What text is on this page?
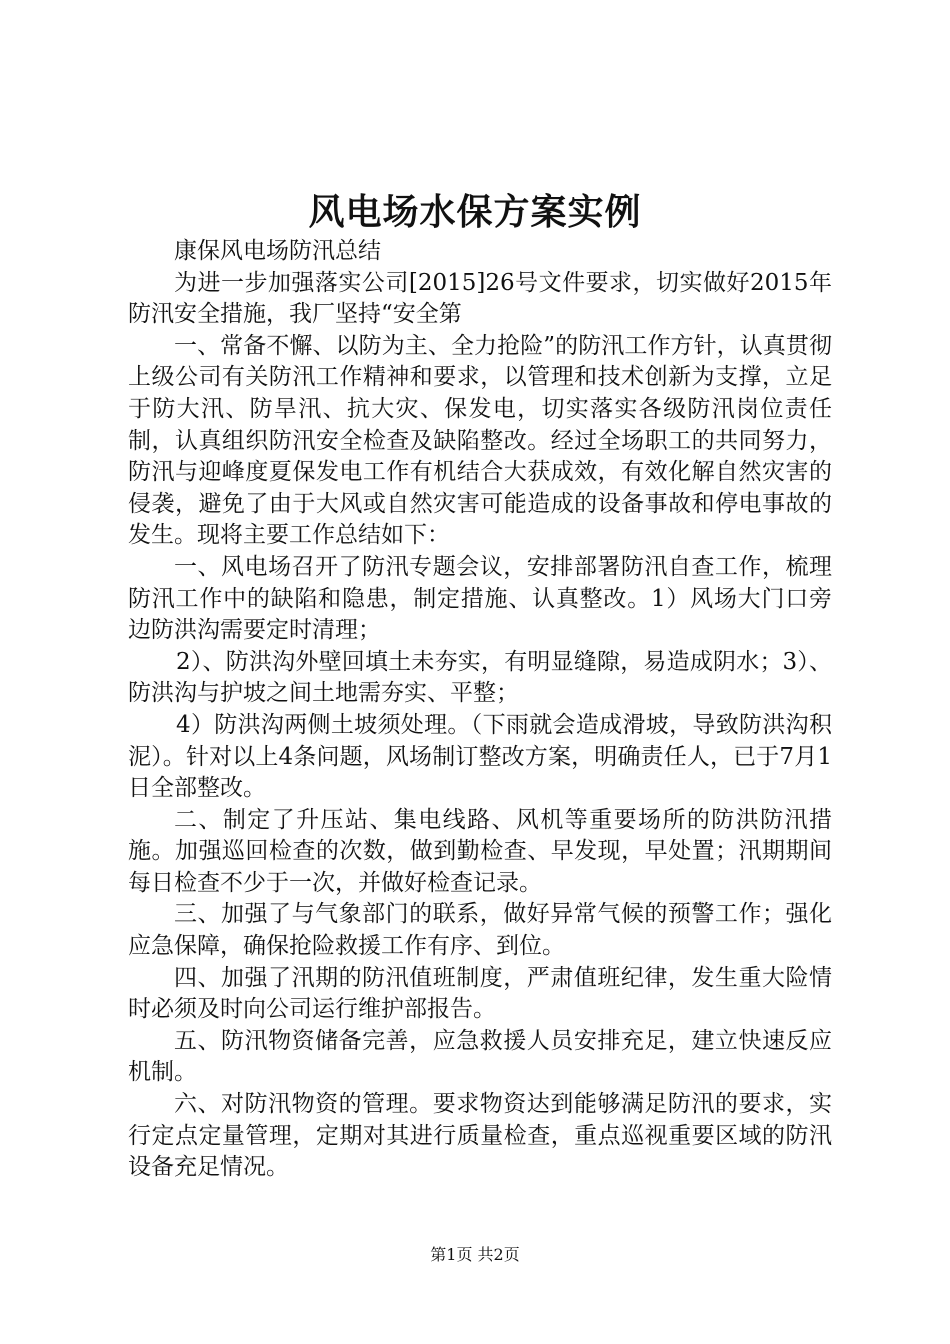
风电场水保方案实例

康保风电场防汛总结

为进一步加强落实公司[2015]26号文件要求，切实做好2015年防汛安全措施，我厂坚持“安全第

一、常备不懈、以防为主、全力抢险”的防汛工作方针，认真贯彻上级公司有关防汛工作精神和要求，以管理和技术创新为支撑，立足于防大汛、防旱汛、抗大灾、保发电，切实落实各级防汛岗位责任制，认真组织防汛安全检查及缺陷整改。经过全场职工的共同努力，防汛与迎峰度夏保发电工作有机结合大获成效，有效化解自然灾害的侵袭，避免了由于大风或自然灾害可能造成的设备事故和停电事故的发生。现将主要工作总结如下：

一、风电场召开了防汛专题会议，安排部署防汛自查工作，梳理防汛工作中的缺陷和隐患，制定措施、认真整改。1）风场大门口旁边防洪沟需要定时清理；

2）、防洪沟外壁回填土未夯实，有明显缝隙，易造成阴水；3）、防洪沟与护坡之间土地需夯实、平整；

4）防洪沟两侧土坡须处理。（下雨就会造成滑坡，导致防洪沟积泥）。针对以上4条问题，风场制订整改方案，明确责任人，已于7月1日全部整改。

二、制定了升压站、集电线路、风机等重要场所的防洪防汛措施。加强巡回检查的次数，做到勤检查、早发现，早处置；汛期期间每日检查不少于一次，并做好检查记录。

三、加强了与气象部门的联系，做好异常气候的预警工作；强化应急保障，确保抢险救援工作有序、到位。

四、加强了汛期的防汛值班制度，严肃值班纪律，发生重大险情时必须及时向公司运行维护部报告。

五、防汛物资储备完善，应急救援人员安排充足，建立快速反应机制。

六、对防汛物资的管理。要求物资达到能够满足防汛的要求，实行定点定量管理，定期对其进行质量检查，重点巡视重要区域的防汛设备充足情况。

第1页 共2页
